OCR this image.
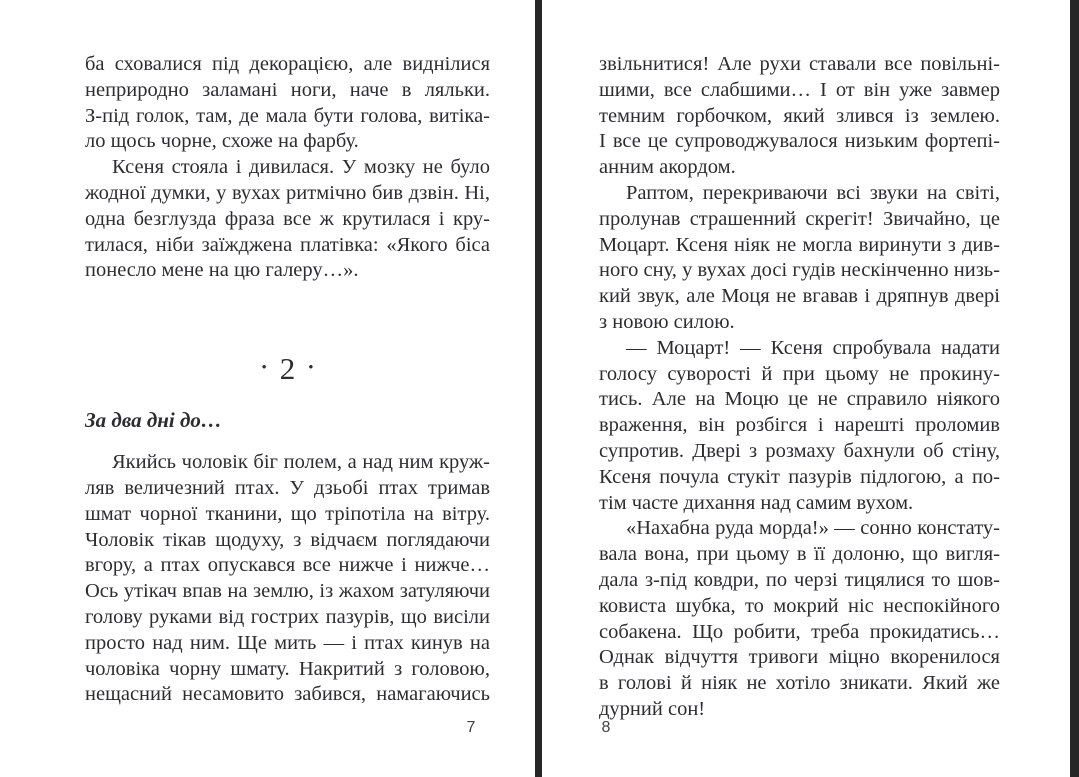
ба сховалися під декорацією, але виднілися
неприродно заламані ноги, наче в ляльки.
З-під голок, там, де мала бути голова, витіка-
ло щось чорне, схоже на фарбу.
Ксеня стояла і дивилася. У мозку не було
жодної думки, у вухах ритмічно бив дзвін. Ні,
одна безглузда фраза все ж крутилася і кру-
тилася, ніби заїжджена платівка: «Якого біса
понесло мене на цю галеру…».
• 2 •
За два дні до…
Якийсь чоловік біг полем, а над ним круж-
ляв величезний птах. У дзьобі птах тримав
шмат чорної тканини, що тріпотіла на вітру.
Чоловік тікав щодуху, з відчаєм поглядаючи
вгору, а птах опускався все нижче і нижче…
Ось утікач впав на землю, із жахом затуляючи
голову руками від гострих пазурів, що висіли
просто над ним. Ще мить — і птах кинув на
чоловіка чорну шмату. Накритий з головою,
нещасний несамовито забився, намагаючись
звільнитися! Але рухи ставали все повільні-
шими, все слабшими… І от він уже завмер
темним горбочком, який злився із землею.
І все це супроводжувалося низьким фортепі-
анним акордом.
Раптом, перекриваючи всі звуки на світі,
пролунав страшенний скрегіт! Звичайно, це
Моцарт. Ксеня ніяк не могла виринути з див-
ного сну, у вухах досі гудів нескінченно низь-
кий звук, але Моця не вгавав і дряпнув двері
з новою силою.
— Моцарт! — Ксеня спробувала надати
голосу суворості й при цьому не прокину-
тись. Але на Моцю це не справило ніякого
враження, він розбігся і нарешті проломив
супротив. Двері з розмаху бахнули об стіну,
Ксеня почула стукіт пазурів підлогою, а по-
тім часте дихання над самим вухом.
«Нахабна руда морда!» — сонно констату-
вала вона, при цьому в її долоню, що вигля-
дала з-під ковдри, по черзі тицялися то шов-
ковиста шубка, то мокрий ніс неспокійного
собакена. Що робити, треба прокидатись…
Однак відчуття тривоги міцно вкоренилося
в голові й ніяк не хотіло зникати. Який же
дурний сон!
7	8
